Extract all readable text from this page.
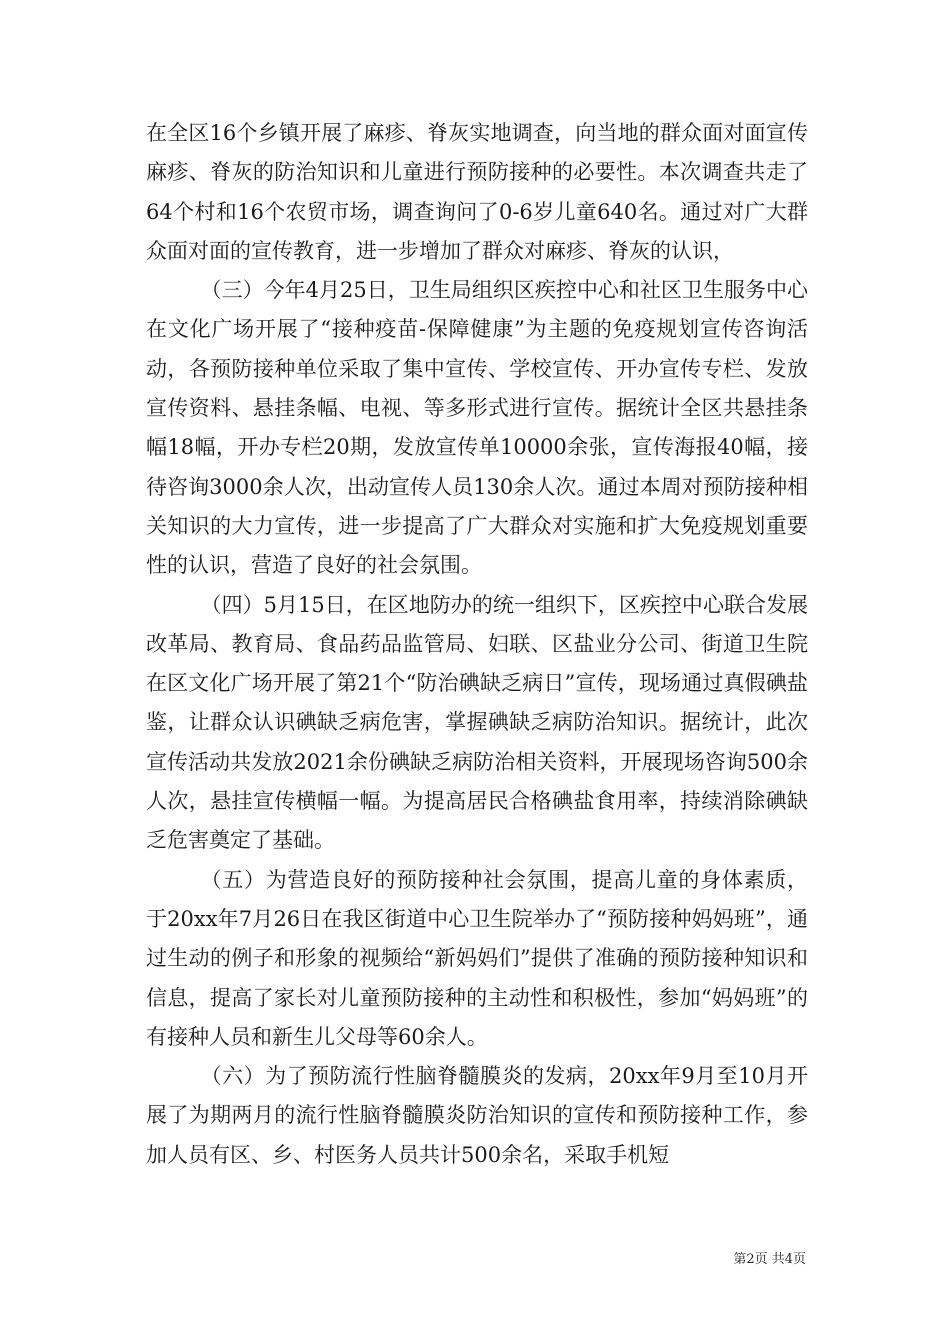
在全区16个乡镇开展了麻疹、脊灰实地调查，向当地的群众面对面宣传麻疹、脊灰的防治知识和儿童进行预防接种的必要性。本次调查共走了64个村和16个农贸市场，调查询问了0-6岁儿童640名。通过对广大群众面对面的宣传教育，进一步增加了群众对麻疹、脊灰的认识，

（三）今年4月25日，卫生局组织区疾控中心和社区卫生服务中心在文化广场开展了“接种疫苗-保障健康”为主题的免疫规划宣传咨询活动，各预防接种单位采取了集中宣传、学校宣传、开办宣传专栏、发放宣传资料、悬挂条幅、电视、等多形式进行宣传。据统计全区共悬挂条幅18幅，开办专栏20期，发放宣传单10000余张，宣传海报40幅，接待咨询3000余人次，出动宣传人员130余人次。通过本周对预防接种相关知识的大力宣传，进一步提高了广大群众对实施和扩大免疫规划重要性的认识，营造了良好的社会氛围。

（四）5月15日，在区地防办的统一组织下，区疾控中心联合发展改革局、教育局、食品药品监管局、妇联、区盐业分公司、街道卫生院在区文化广场开展了第21个“防治碘缺乏病日”宣传，现场通过真假碘盐鉴，让群众认识碘缺乏病危害，掌握碘缺乏病防治知识。据统计，此次宣传活动共发放2021余份碘缺乏病防治相关资料，开展现场咨询500余人次，悬挂宣传横幅一幅。为提高居民合格碘盐食用率，持续消除碘缺乏危害奠定了基础。

（五）为营造良好的预防接种社会氛围，提高儿童的身体素质，于20xx年7月26日在我区街道中心卫生院举办了“预防接种妈妈班”，通过生动的例子和形象的视频给“新妈妈们”提供了准确的预防接种知识和信息，提高了家长对儿童预防接种的主动性和积极性，参加“妈妈班”的有接种人员和新生儿父母等60余人。

（六）为了预防流行性脑脊髓膜炎的发病，20xx年9月至10月开展了为期两月的流行性脑脊髓膜炎防治知识的宣传和预防接种工作，参加人员有区、乡、村医务人员共计500余名，采取手机短

第2页 共4页
